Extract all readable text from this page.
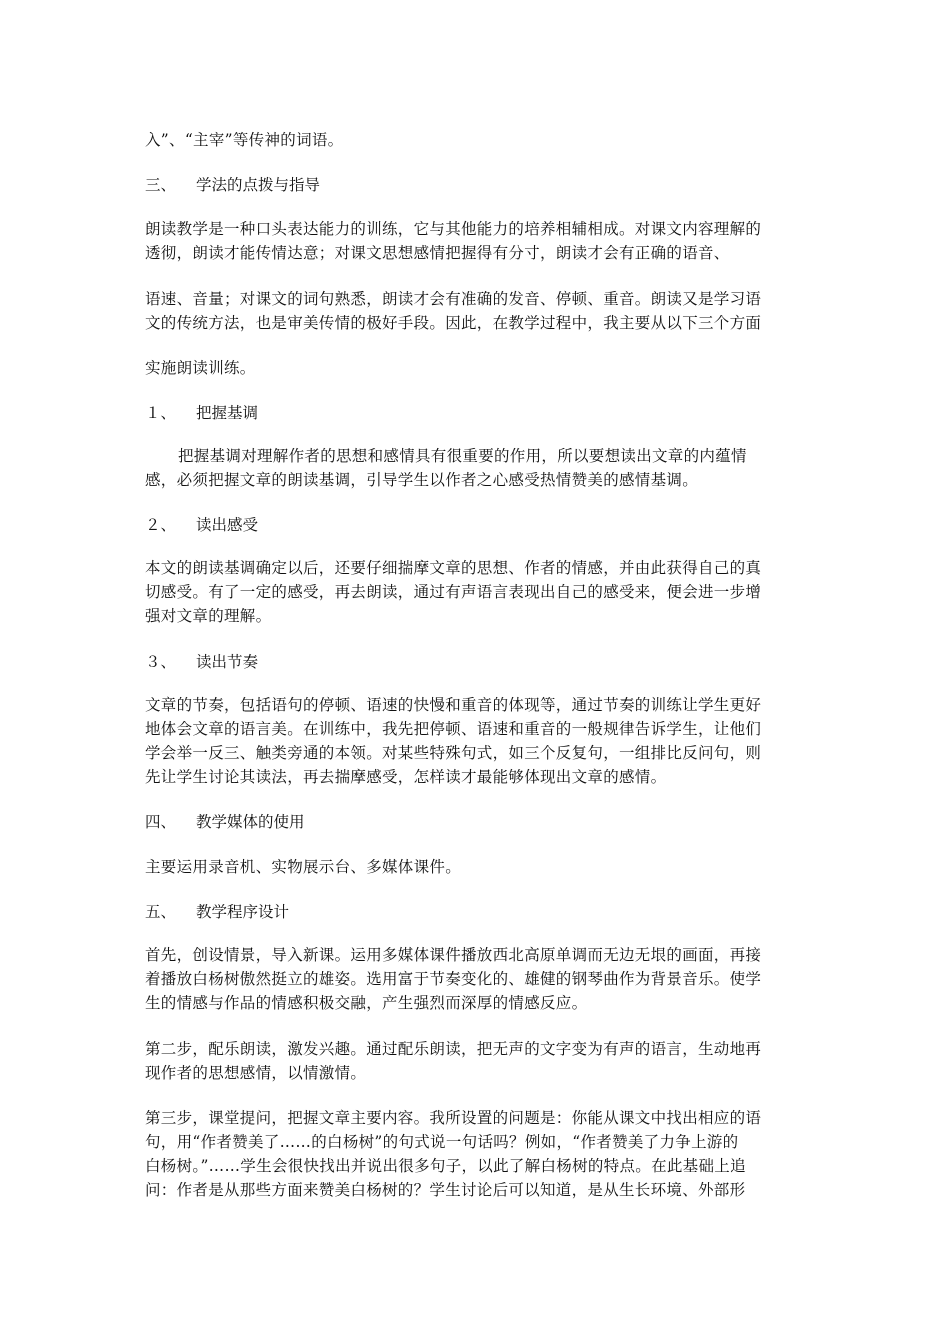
入”、“主宰”等传神的词语。
三、 学法的点拨与指导
朗读教学是一种口头表达能力的训练，它与其他能力的培养相辅相成。对课文内容理解的
透彻，朗读才能传情达意；对课文思想感情把握得有分寸，朗读才会有正确的语音、
语速、音量；对课文的词句熟悉，朗读才会有准确的发音、停顿、重音。朗读又是学习语
文的传统方法，也是审美传情的极好手段。因此，在教学过程中，我主要从以下三个方面
实施朗读训练。
１、 把握基调
把握基调对理解作者的思想和感情具有很重要的作用，所以要想读出文章的内蕴情
感，必须把握文章的朗读基调，引导学生以作者之心感受热情赞美的感情基调。
２、 读出感受
本文的朗读基调确定以后，还要仔细揣摩文章的思想、作者的情感，并由此获得自己的真
切感受。有了一定的感受，再去朗读，通过有声语言表现出自己的感受来，便会进一步增
强对文章的理解。
３、 读出节奏
文章的节奏，包括语句的停顿、语速的快慢和重音的体现等，通过节奏的训练让学生更好
地体会文章的语言美。在训练中，我先把停顿、语速和重音的一般规律告诉学生，让他们
学会举一反三、触类旁通的本领。对某些特殊句式，如三个反复句，一组排比反问句，则
先让学生讨论其读法，再去揣摩感受，怎样读才最能够体现出文章的感情。
四、 教学媒体的使用
主要运用录音机、实物展示台、多媒体课件。
五、 教学程序设计
首先，创设情景，导入新课。运用多媒体课件播放西北高原单调而无边无垠的画面，再接
着播放白杨树傲然挺立的雄姿。选用富于节奏变化的、雄健的钢琴曲作为背景音乐。使学
生的情感与作品的情感积极交融，产生强烈而深厚的情感反应。
第二步，配乐朗读，激发兴趣。通过配乐朗读，把无声的文字变为有声的语言，生动地再
现作者的思想感情，以情激情。
第三步，课堂提问，把握文章主要内容。我所设置的问题是：你能从课文中找出相应的语
句，用“作者赞美了……的白杨树”的句式说一句话吗？例如，“作者赞美了力争上游的
白杨树。”……学生会很快找出并说出很多句子，以此了解白杨树的特点。在此基础上追
问：作者是从那些方面来赞美白杨树的？学生讨论后可以知道，是从生长环境、外部形
